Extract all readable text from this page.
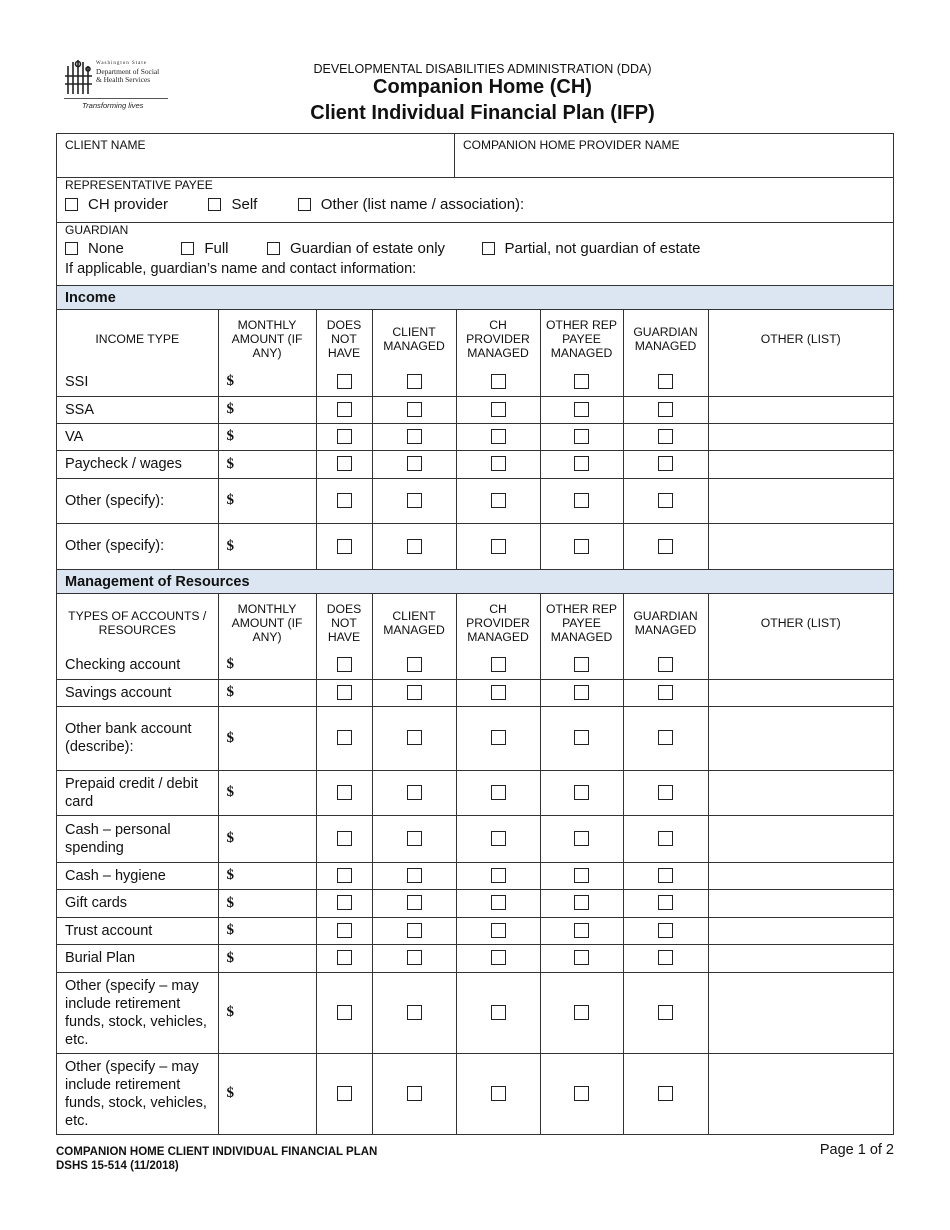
Washington State
Department of Social
& Health Services
Transforming lives
DEVELOPMENTAL DISABILITIES ADMINISTRATION (DDA)
Companion Home (CH)
Client Individual Financial Plan (IFP)
CLIENT NAME	COMPANION HOME PROVIDER NAME
REPRESENTATIVE PAYEE
CH provider
	Self
	Other (list name / association):
GUARDIAN
None
	Full
	Guardian of estate only
	Partial, not guardian of estate
If applicable, guardian’s name and contact information:
Income
INCOME TYPE	MONTHLY AMOUNT (IF ANY)	DOES NOT HAVE	CLIENT MANAGED	CH PROVIDER MANAGED	OTHER REP PAYEE MANAGED	GUARDIAN MANAGED	OTHER (LIST)
SSI	$						
SSA	$						
VA	$						
Paycheck / wages	$						
Other (specify):	$						
Other (specify):	$						
Management of Resources
TYPES OF ACCOUNTS / RESOURCES	MONTHLY AMOUNT (IF ANY)	DOES NOT HAVE	CLIENT MANAGED	CH PROVIDER MANAGED	OTHER REP PAYEE MANAGED	GUARDIAN MANAGED	OTHER (LIST)
Checking account	$						
Savings account	$						
Other bank account (describe):	$						
Prepaid credit / debit card	$						
Cash – personal spending	$						
Cash – hygiene	$						
Gift cards	$						
Trust account	$						
Burial Plan	$						
Other (specify – may include retirement funds, stock, vehicles, etc.	$						
Other (specify – may include retirement funds, stock, vehicles, etc.	$						
COMPANION HOME CLIENT INDIVIDUAL FINANCIAL PLAN
DSHS 15-514 (11/2018)
Page 1 of 2
